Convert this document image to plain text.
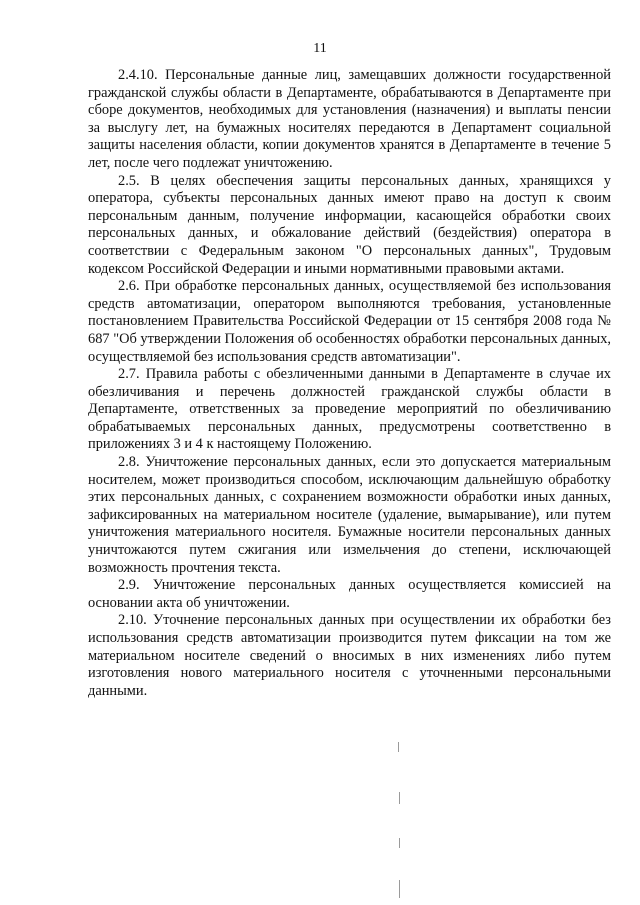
11

2.4.10. Персональные данные лиц, замещавших должности государственной гражданской службы области в Департаменте, обрабатываются в Департаменте при сборе документов, необходимых для установления (назначения) и выплаты пенсии за выслугу лет, на бумажных носителях передаются в Департамент социальной защиты населения области, копии документов хранятся в Департаменте в течение 5 лет, после чего подлежат уничтожению.

2.5. В целях обеспечения защиты персональных данных, хранящихся у оператора, субъекты персональных данных имеют право на доступ к своим персональным данным, получение информации, касающейся обработки своих персональных данных, и обжалование действий (бездействия) оператора в соответствии с Федеральным законом "О персональных данных", Трудовым кодексом Российской Федерации и иными нормативными правовыми актами.

2.6. При обработке персональных данных, осуществляемой без использования средств автоматизации, оператором выполняются требования, установленные постановлением Правительства Российской Федерации от 15 сентября 2008 года № 687 "Об утверждении Положения об особенностях обработки персональных данных, осуществляемой без использования средств автоматизации".

2.7. Правила работы с обезличенными данными в Департаменте в случае их обезличивания и перечень должностей гражданской службы области в Департаменте, ответственных за проведение мероприятий по обезличиванию обрабатываемых персональных данных, предусмотрены соответственно в приложениях 3 и 4 к настоящему Положению.

2.8. Уничтожение персональных данных, если это допускается материальным носителем, может производиться способом, исключающим дальнейшую обработку этих персональных данных, с сохранением возможности обработки иных данных, зафиксированных на материальном носителе (удаление, вымарывание), или путем уничтожения материального носителя. Бумажные носители персональных данных уничтожаются путем сжигания или измельчения до степени, исключающей возможность прочтения текста.

2.9. Уничтожение персональных данных осуществляется комиссией на основании акта об уничтожении.

2.10. Уточнение персональных данных при осуществлении их обработки без использования средств автоматизации производится путем фиксации на том же материальном носителе сведений о вносимых в них изменениях либо путем изготовления нового материального носителя с уточненными персональными данными.
